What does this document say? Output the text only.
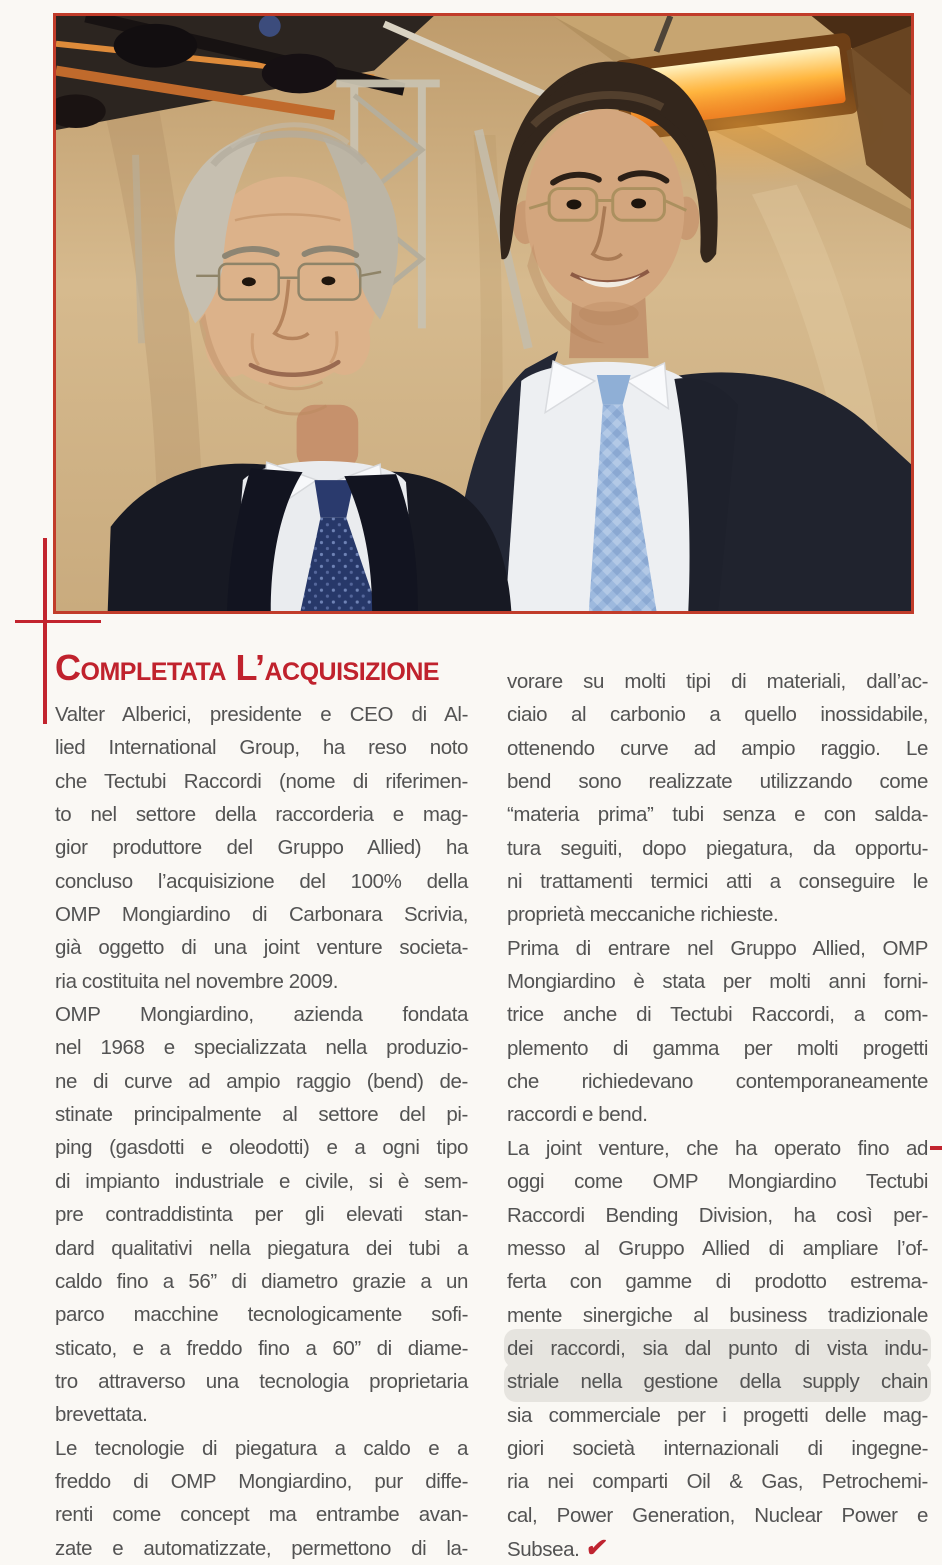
Completata L’acquisizione
Valter Alberici, presidente e CEO di Al-
lied International Group, ha reso noto
che Tectubi Raccordi (nome di riferimen-
to nel settore della raccorderia e mag-
gior produttore del Gruppo Allied) ha
concluso l’acquisizione del 100% della
OMP Mongiardino di Carbonara Scrivia,
già oggetto di una joint venture societa-
ria costituita nel novembre 2009.
OMP Mongiardino, azienda fondata
nel 1968 e specializzata nella produzio-
ne di curve ad ampio raggio (bend) de-
stinate principalmente al settore del pi-
ping (gasdotti e oleodotti) e a ogni tipo
di impianto industriale e civile, si è sem-
pre contraddistinta per gli elevati stan-
dard qualitativi nella piegatura dei tubi a
caldo fino a 56” di diametro grazie a un
parco macchine tecnologicamente sofi-
sticato, e a freddo fino a 60” di diame-
tro attraverso una tecnologia proprietaria
brevettata.
Le tecnologie di piegatura a caldo e a
freddo di OMP Mongiardino, pur diffe-
renti come concept ma entrambe avan-
zate e automatizzate, permettono di la-
vorare su molti tipi di materiali, dall’ac-
ciaio al carbonio a quello inossidabile,
ottenendo curve ad ampio raggio. Le
bend sono realizzate utilizzando come
“materia prima” tubi senza e con salda-
tura seguiti, dopo piegatura, da opportu-
ni trattamenti termici atti a conseguire le
proprietà meccaniche richieste.
Prima di entrare nel Gruppo Allied, OMP
Mongiardino è stata per molti anni forni-
trice anche di Tectubi Raccordi, a com-
plemento di gamma per molti progetti
che richiedevano contemporaneamente
raccordi e bend.
La joint venture, che ha operato fino ad
oggi come OMP Mongiardino Tectubi
Raccordi Bending Division, ha così per-
messo al Gruppo Allied di ampliare l’of-
ferta con gamme di prodotto estrema-
mente sinergiche al business tradizionale
dei raccordi, sia dal punto di vista indu-
striale nella gestione della supply chain
sia commerciale per i progetti delle mag-
giori società internazionali di ingegne-
ria nei comparti Oil & Gas, Petrochemi-
cal, Power Generation, Nuclear Power e
Subsea. ✔
